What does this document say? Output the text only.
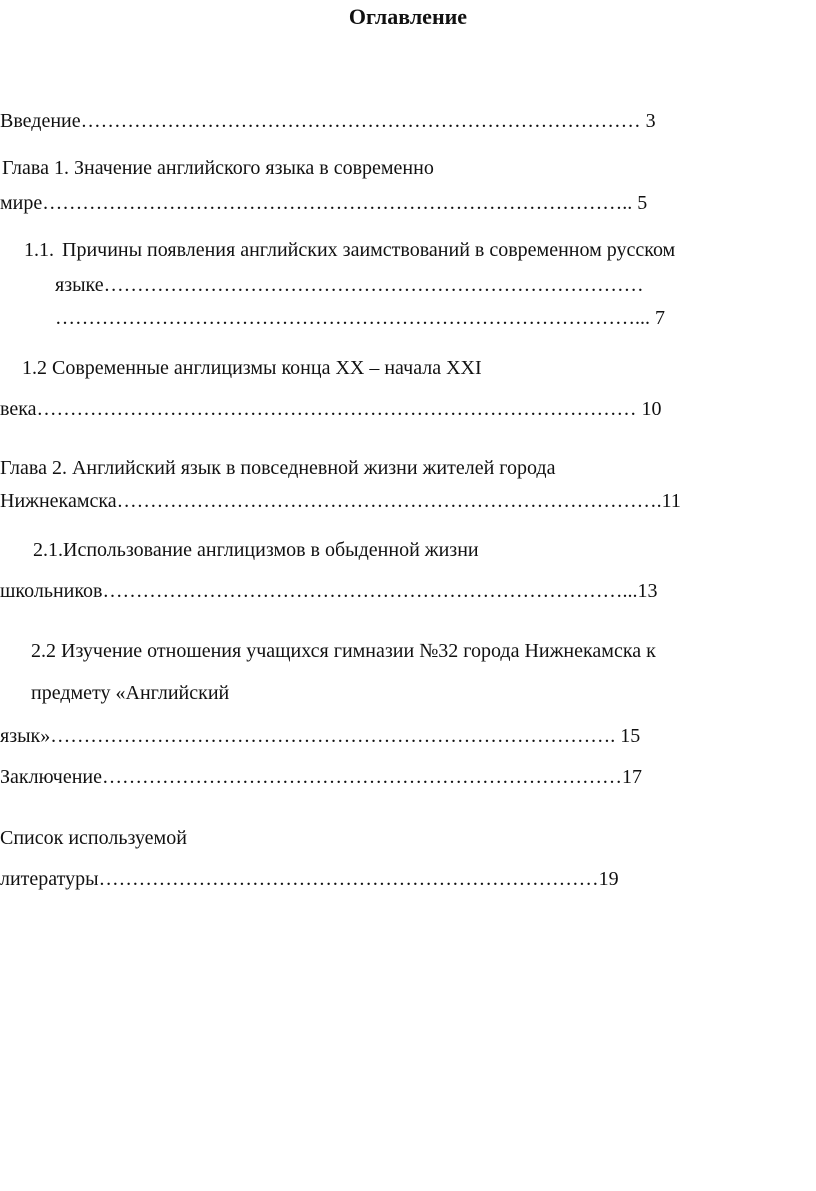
Оглавление
Введение………………………………………………………………………… 3
Глава 1. Значение английского языка в современно
мире…………………………………………………………………………….. 5
1.1. Причины появления английских заимствований в современном русском
языке………………………………………………………………………
……………………………………………………………………………... 7
1.2 Современные англицизмы конца ХХ – начала ХХI
века……………………………………………………………………………… 10
Глава 2. Английский язык в повседневной жизни жителей города
Нижнекамска……………………………………………………………………….11
2.1.Использование англицизмов в обыденной жизни
школьников……………………………………………………………………...13
2.2 Изучение отношения учащихся гимназии №32 города Нижнекамска к
предмету «Английский
язык»…………………………………………………………………………. 15
Заключение……………………………………………………………………17
Список используемой
литературы…………………………………………………………………19
